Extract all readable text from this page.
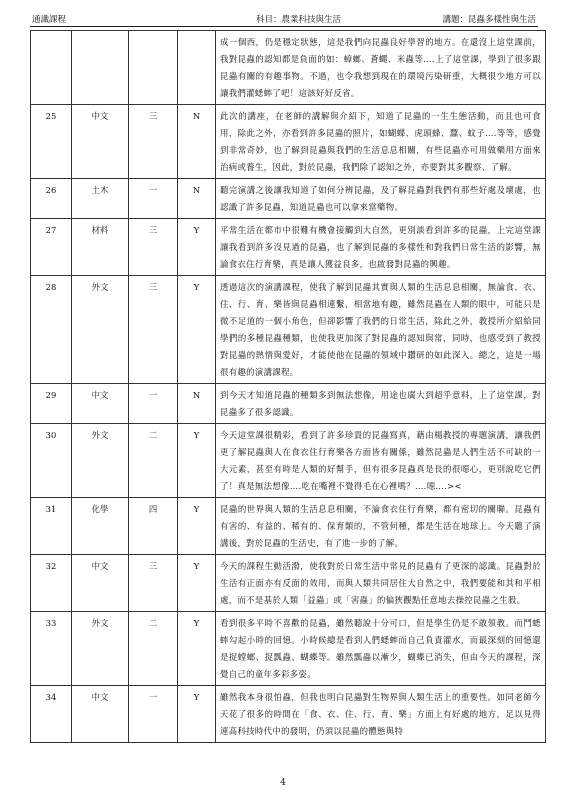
通識課程	科目：農業科技與生活	講題：昆蟲多樣性與生活
				成一個西，仍是穩定狀態，這是我們向昆蟲良好學習的地方。在還沒上這堂課前，我對昆蟲的認知都是負面的如：蟑螂、蒼蠅、米蟲等….上了這堂課，學到了很多跟昆蟲有關的有趣事物。不過，也令我想到現在的環境污染研重，大概很少地方可以讓我們灌蟋蟀了吧！這該好好反省。
25	中文	三	N	此次的講座，在老師的講解與介紹下，知道了昆蟲的一生生態活動，而且也可食用，除此之外，亦看到許多昆蟲的照片，如蝴蝶、虎頭蜂、蠶、蚊子….等等，感覺到非常奇妙，也了解到昆蟲與我們的生活息息相關，有些昆蟲亦可用做藥用方面來治病或養生，因此，對於昆蟲，我們除了認知之外，亦要對其多觀察、了解。
26	土木	一	N	聽完演講之後讓我知道了如何分辨昆蟲，及了解昆蟲對我們有那些好處及壞處，也認識了許多昆蟲，知道昆蟲也可以拿來當藥物。
27	材料	三	Y	平常生活在都市中很難有機會接觸到大自然，更別談看到許多的昆蟲，上完這堂課讓我看到許多沒見過的昆蟲，也了解到昆蟲的多樣性和對我們日常生活的影響，無論食衣住行育樂，真是讓人獲益良多，也啟發對昆蟲的興趣。
28	外文	三	Y	透過這次的演講課程，使我了解到昆蟲其實與人類的生活息息相關，無論食、衣、住、行、育、樂皆與昆蟲相連繫，相當地有趣，雖然昆蟲在人類的眼中，可能只是微不足道的一個小角色，但卻影響了我們的日常生活，除此之外，教授所介紹給同學們的多種昆蟲種類，也使我更加深了對昆蟲的認知與常，同時，也感受到了教授對昆蟲的熱情與愛好，才能使他在昆蟲的領域中鑽研的如此深入。總之，這是一場很有趣的演講課程。
29	中文	一	N	到今天才知道昆蟲的種類多到無法想像，用途也廣大到超乎意料，上了這堂課，對昆蟲多了很多認識。
30	外文	二	Y	今天這堂課很精彩，看到了許多珍貴的昆蟲寫真，藉由楊教授的專題演講，讓我們更了解昆蟲與人在食衣住行育樂各方面皆有關係，雖然昆蟲是人們生活不可缺的一大元素，甚至有時是人類的好幫手，但有很多昆蟲真是長的很噁心，更別說吃它們了！真是無法想像….吃在嘴裡不覺得毛在心裡嗎？….噁….><
31	化學	四	Y	昆蟲的世界與人類的生活息息相關，不論食衣住行育樂，都有密切的關聯。昆蟲有有害的、有益的、稀有的、保育類的，不管何種，都是生活在地球上。今天聽了演講後，對於昆蟲的生活史，有了進一步的了解。
32	中文	三	Y	今天的課程生動活潑，使我對於日常生活中常見的昆蟲有了更深的認識。昆蟲對於生活有正面亦有反面的效用，而與人類共同居住大自然之中，我們要能和其和平相處，而不是基於人類「益蟲」或「害蟲」的偏狹觀點任意地去操控昆蟲之生殺。
33	外文	二	Y	看到很多平時不喜歡的昆蟲，雖然聽說十分可口，但是學生仍是不敢領教。而鬥蟋蟀勾起小時的回憶。小時候總是看到人們蟋蟀而自己負責灌水，而最深刻的回憶還是捉螳螂、捉瓢蟲、蝴蝶等。雖然瓢蟲以漸少，蝴蝶已消失，但由今天的課程，深覺自己的童年多彩多姿。
34	中文	一	Y	雖然我本身很怕蟲，但我也明白昆蟲對生物界與人類生活上的重要性。如同老師今天花了很多的時間在「食、衣、住、行、育、樂」方面上有好處的地方，足以見得連高科技時代中的發明，仍須以昆蟲的體態與特
4
